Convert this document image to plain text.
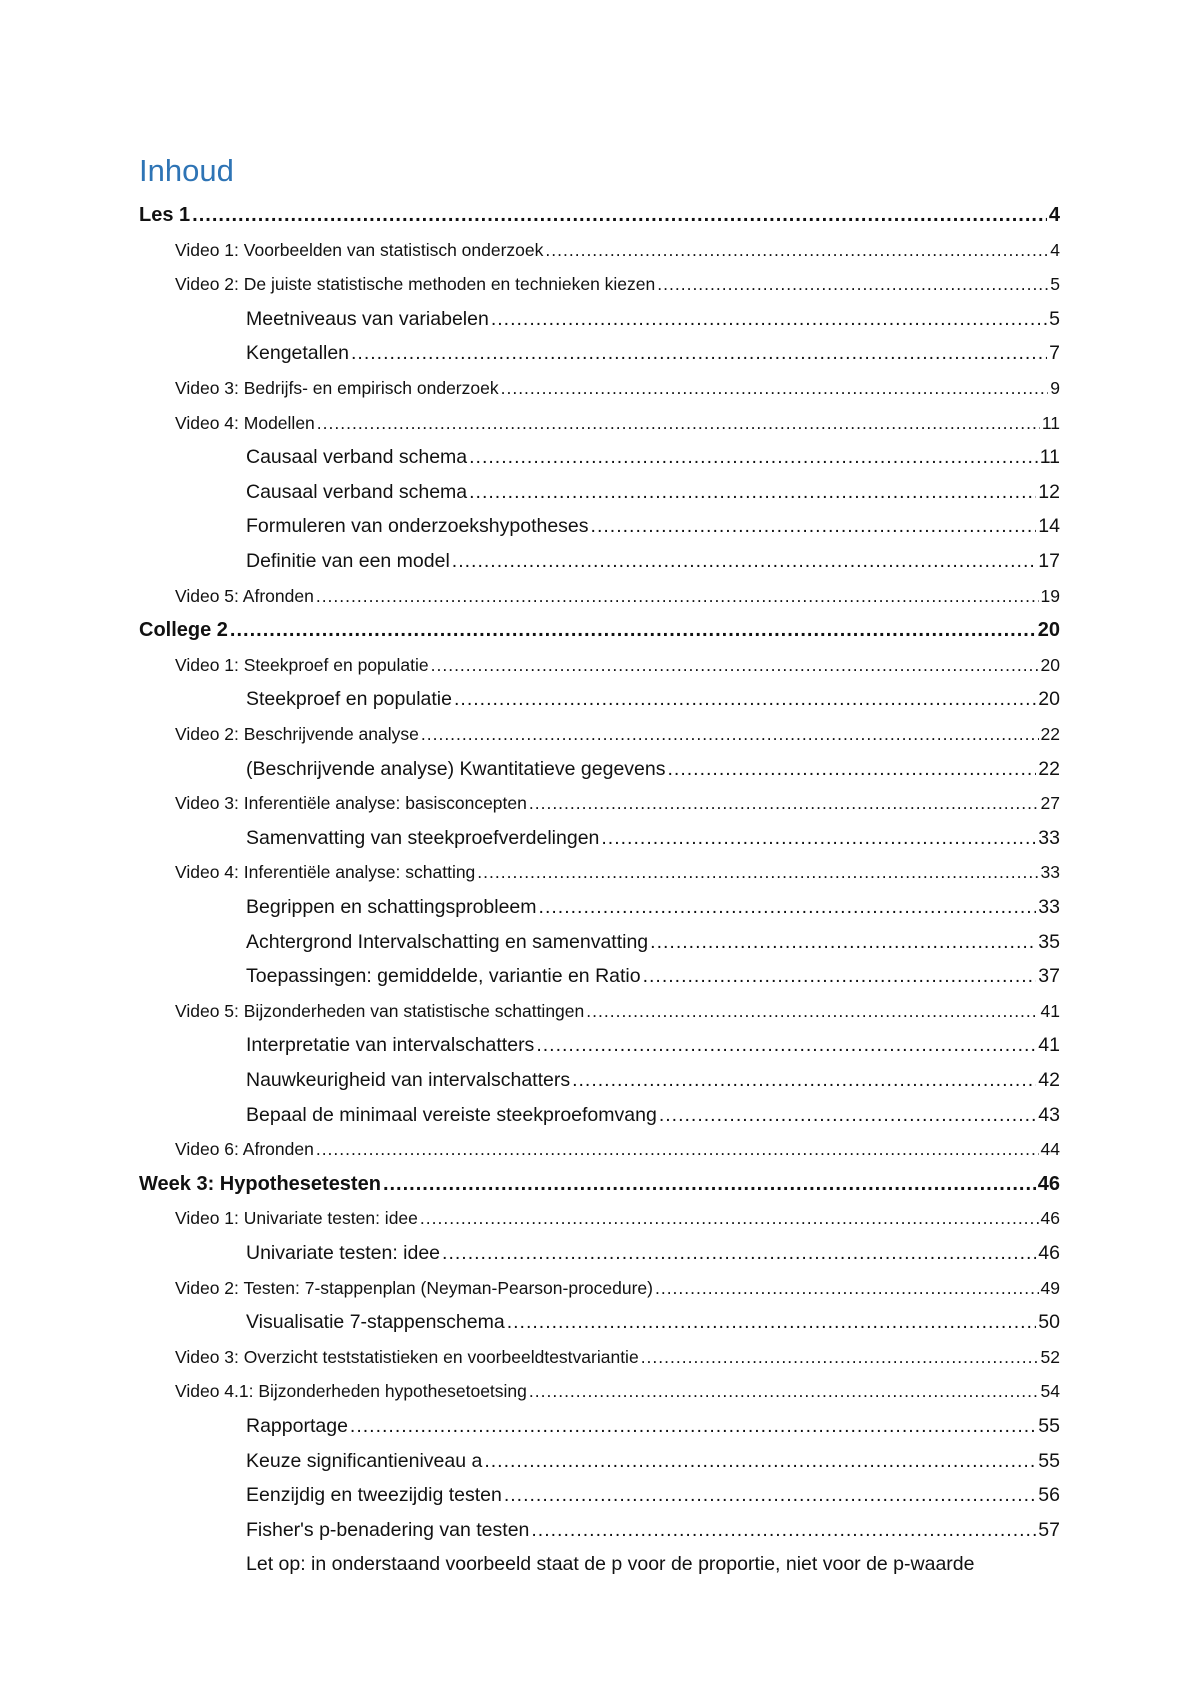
Inhoud
Les 1 .....	4
Video 1: Voorbeelden van statistisch onderzoek .....	4
Video 2: De juiste statistische methoden en technieken kiezen .....	5
Meetniveaus van variabelen .....	5
Kengetallen .....	7
Video 3: Bedrijfs- en empirisch onderzoek .....	9
Video 4: Modellen .....	11
Causaal verband schema .....	11
Causaal verband schema .....	12
Formuleren van onderzoekshypotheses .....	14
Definitie van een model .....	17
Video 5: Afronden .....	19
College 2 .....	20
Video 1: Steekproef en populatie .....	20
Steekproef en populatie .....	20
Video 2: Beschrijvende analyse .....	22
(Beschrijvende analyse) Kwantitatieve gegevens .....	22
Video 3: Inferentiële analyse: basisconcepten .....	27
Samenvatting van steekproefverdelingen .....	33
Video 4: Inferentiële analyse: schatting .....	33
Begrippen en schattingsprobleem .....	33
Achtergrond Intervalschatting en samenvatting .....	35
Toepassingen: gemiddelde, variantie en Ratio .....	37
Video 5: Bijzonderheden van statistische schattingen .....	41
Interpretatie van intervalschatters .....	41
Nauwkeurigheid van intervalschatters .....	42
Bepaal de minimaal vereiste steekproefomvang .....	43
Video 6: Afronden .....	44
Week 3: Hypothesetesten .....	46
Video 1: Univariate testen: idee .....	46
Univariate testen: idee .....	46
Video 2: Testen: 7-stappenplan (Neyman-Pearson-procedure) .....	49
Visualisatie 7-stappenschema .....	50
Video 3: Overzicht teststatistieken en voorbeeldtestvariantie .....	52
Video 4.1: Bijzonderheden hypothesetoetsing .....	54
Rapportage .....	55
Keuze significantieniveau a .....	55
Eenzijdig en tweezijdig testen .....	56
Fisher's p-benadering van testen .....	57
Let op: in onderstaand voorbeeld staat de p voor de proportie, niet voor de p-waarde
